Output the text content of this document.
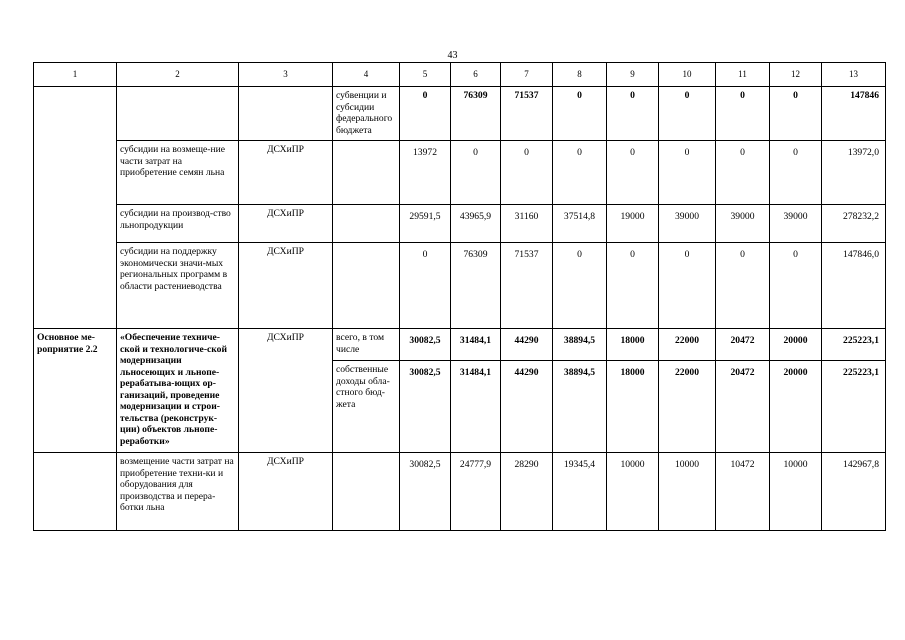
43
1	2	3	4	5	6	7	8	9	10	11	12	13
			субвенции и субсидии федерального бюджета	0	76309	71537	0	0	0	0	0	147846
	субсидии на возмеще-ние части затрат на приобретение семян льна	ДСХиПР		13972	0	0	0	0	0	0	0	13972,0
	субсидии на производ-ство льнопродукции	ДСХиПР		29591,5	43965,9	31160	37514,8	19000	39000	39000	39000	278232,2
	субсидии на поддержку экономически значи-мых региональных программ в области растениеводства	ДСХиПР		0	76309	71537	0	0	0	0	0	147846,0
Основное ме-роприятие 2.2	«Обеспечение техниче-ской и технологиче-ской модернизации льносеющих и льнопе-рерабатыва-ющих ор-ганизаций, проведение модернизации и строи-тельства (реконструк-ции) объектов льнопе-реработки»	ДСХиПР	всего, в том числе	30082,5	31484,1	44290	38894,5	18000	22000	20472	20000	225223,1
			собственные доходы обла-стного бюд-жета	30082,5	31484,1	44290	38894,5	18000	22000	20472	20000	225223,1
	возмещение части затрат на приобретение техни-ки и оборудования для производства и перера-ботки льна	ДСХиПР		30082,5	24777,9	28290	19345,4	10000	10000	10472	10000	142967,8
